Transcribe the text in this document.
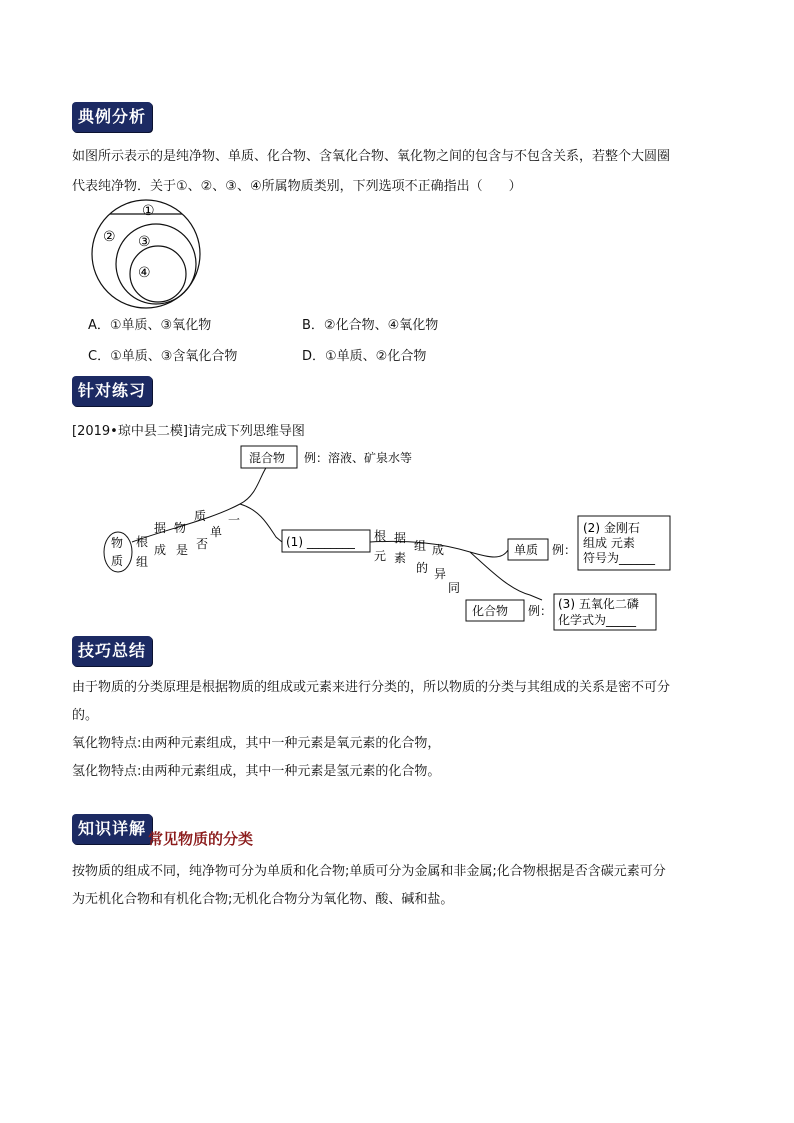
典例分析
如图所示表示的是纯净物、单质、化合物、含氧化合物、氧化物之间的包含与不包含关系，若整个大圆圈
代表纯净物．关于①、②、③、④所属物质类别，下列选项不正确指出（　　）
①
② ③
④
A．①单质、③氧化物	B．②化合物、④氧化物
C．①单质、③含氧化合物	D．①单质、②化合物
针对练习
[2019•琼中县二模]请完成下列思维导图
物
质
混合物 例：溶液、矿泉水等
根
据 物
质
是 否
单
一
组
成
(1) ________ 根 据
元 素
组 成
的 异
同
单质 例：
(2) 金刚石
组成 元素
符号为______
化合物 例： (3) 五氧化二磷
化学式为_____
技巧总结
由于物质的分类原理是根据物质的组成或元素来进行分类的，所以物质的分类与其组成的关系是密不可分
的。
氧化物特点:由两种元素组成，其中一种元素是氧元素的化合物，
氢化物特点:由两种元素组成，其中一种元素是氢元素的化合物。
知识详解
常见物质的分类
按物质的组成不同，纯净物可分为单质和化合物;单质可分为金属和非金属;化合物根据是否含碳元素可分
为无机化合物和有机化合物;无机化合物分为氧化物、酸、碱和盐。
